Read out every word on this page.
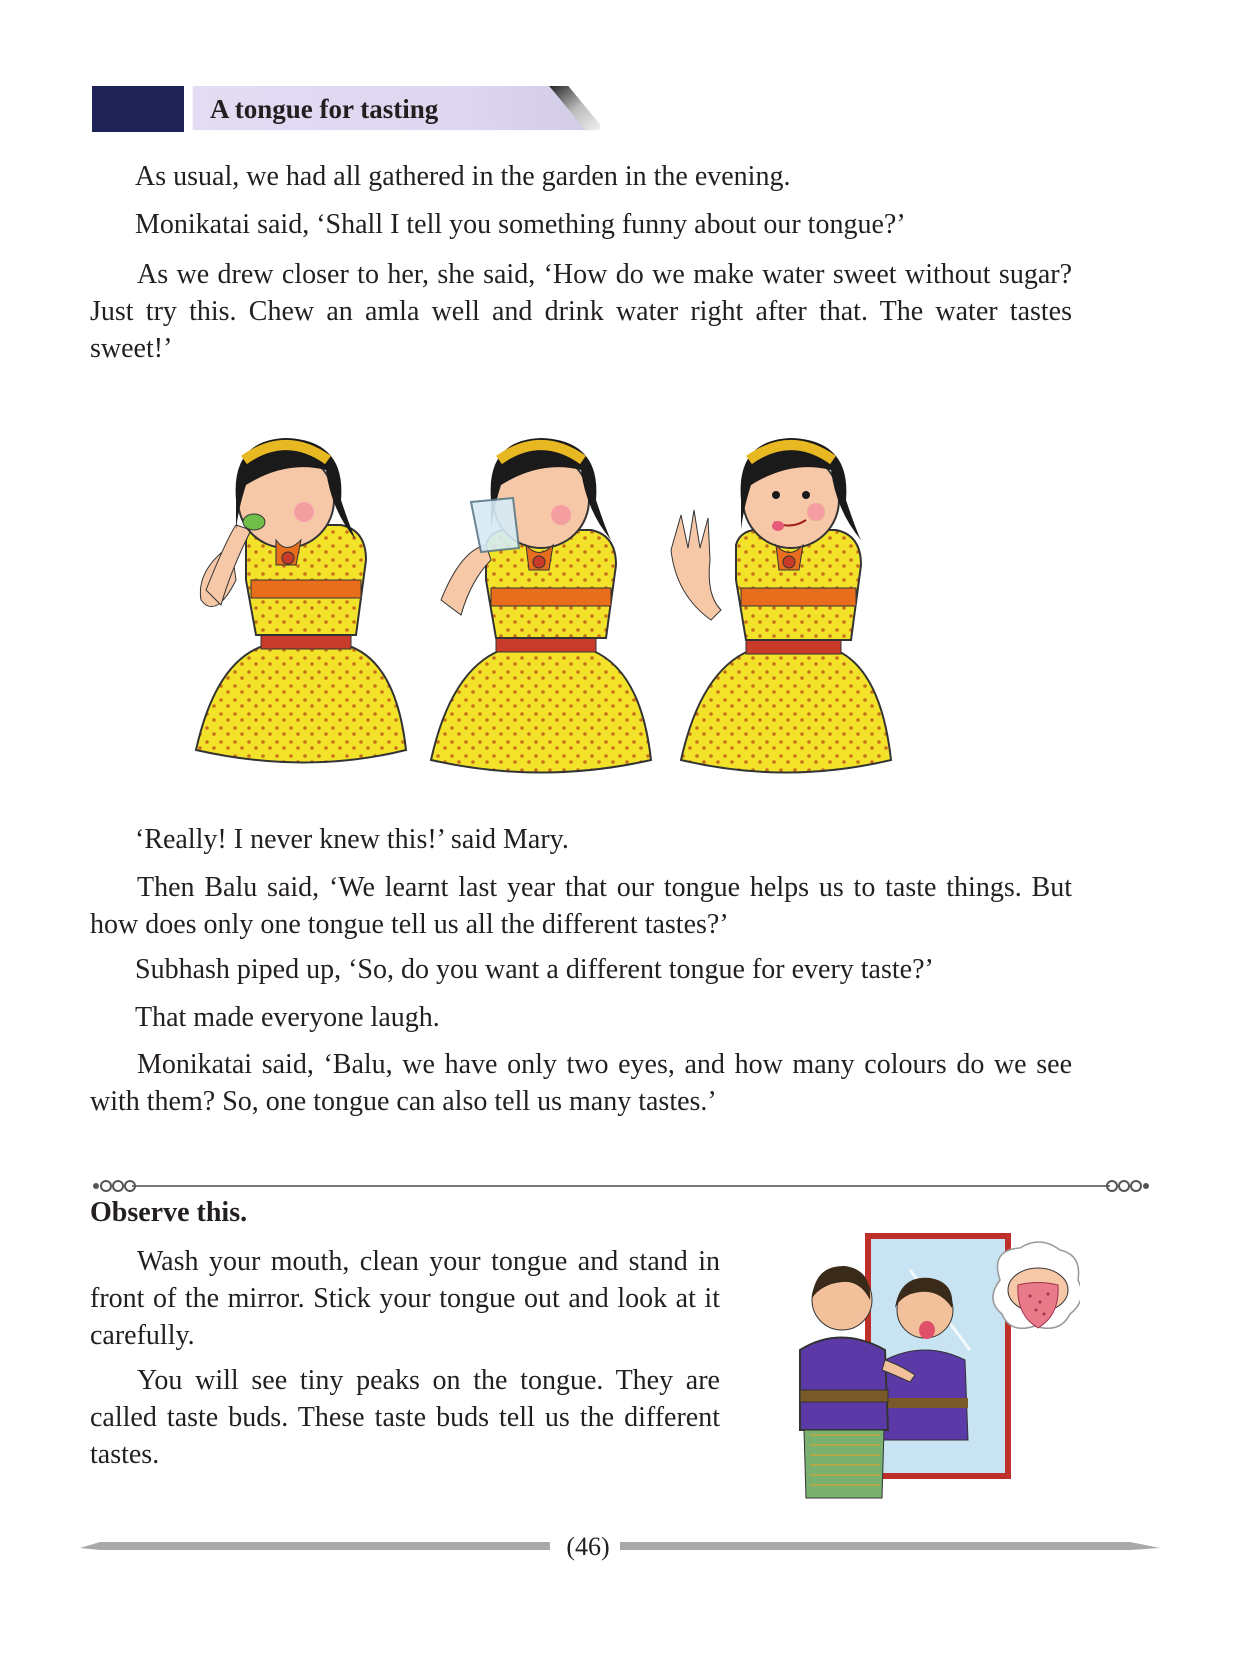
A tongue for tasting

As usual, we had all gathered in the garden in the evening.

Monikatai said, ‘Shall I tell you something funny about our tongue?’

As we drew closer to her, she said, ‘How do we make water sweet without sugar? Just try this. Chew an amla well and drink water right after that. The water tastes sweet!’

‘Really! I never knew this!’ said Mary.

Then Balu said, ‘We learnt last year that our tongue helps us to taste things. But how does only one tongue tell us all the different tastes?’

Subhash piped up, ‘So, do you want a different tongue for every taste?’

That made everyone laugh.

Monikatai said, ‘Balu, we have only two eyes, and how many colours do we see with them? So, one tongue can also tell us many tastes.’

Observe this.

Wash your mouth, clean your tongue and stand in front of the mirror. Stick your tongue out and look at it carefully.

You will see tiny peaks on the tongue. They are called taste buds. These taste buds tell us the different tastes.

(46)
